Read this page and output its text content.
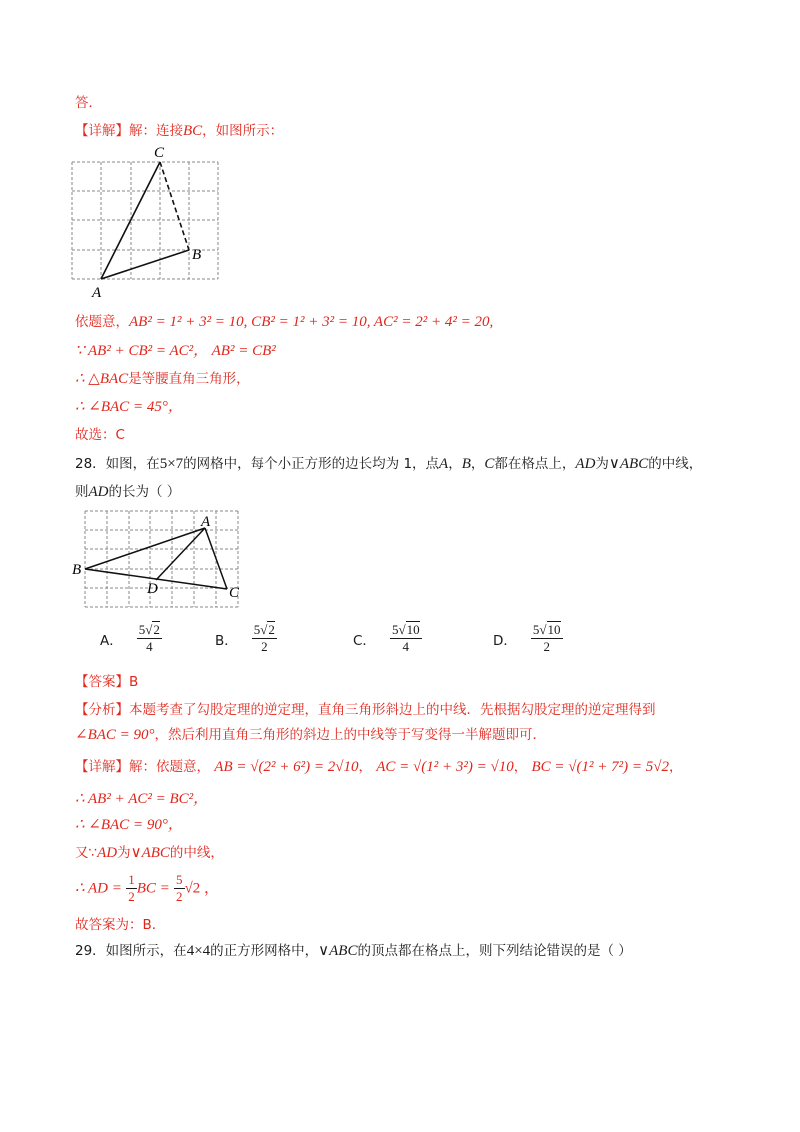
答．
【详解】解：连接BC，如图所示：
C
B
A
依题意，AB² = 1² + 3² = 10, CB² = 1² + 3² = 10, AC² = 2² + 4² = 20,
∵ AB² + CB² = AC²， AB² = CB²
∴ △BAC是等腰直角三角形，
∴ ∠BAC = 45°，
故选：C
28．如图，在5×7的网格中，每个小正方形的边长均为 1，点A，B，C都在格点上，AD为∨ABC的中线，
则AD的长为（ ）
A
B
C
D
A． $\frac{5√2}{4}$	B． $\frac{5√2}{2}$	C． $\frac{5√10}{4}$	D． $\frac{5√10}{2}$
【答案】B
【分析】本题考查了勾股定理的逆定理，直角三角形斜边上的中线．先根据勾股定理的逆定理得到
∠BAC = 90°，然后利用直角三角形的斜边上的中线等于写变得一半解题即可．
【详解】解：依题意， AB = √(2² + 6²) = 2√10， AC = √(1² + 3²) = √10， BC = √(1² + 7²) = 5√2，
∴ AB² + AC² = BC²，
∴ ∠BAC = 90°，
又∵AD为∨ABC的中线，
∴ AD = $\frac{1}{2}$ BC = $\frac{5}{2} √2$ ，
故答案为：B．
29．如图所示，在4×4的正方形网格中，∨ABC的顶点都在格点上，则下列结论错误的是（ ）
